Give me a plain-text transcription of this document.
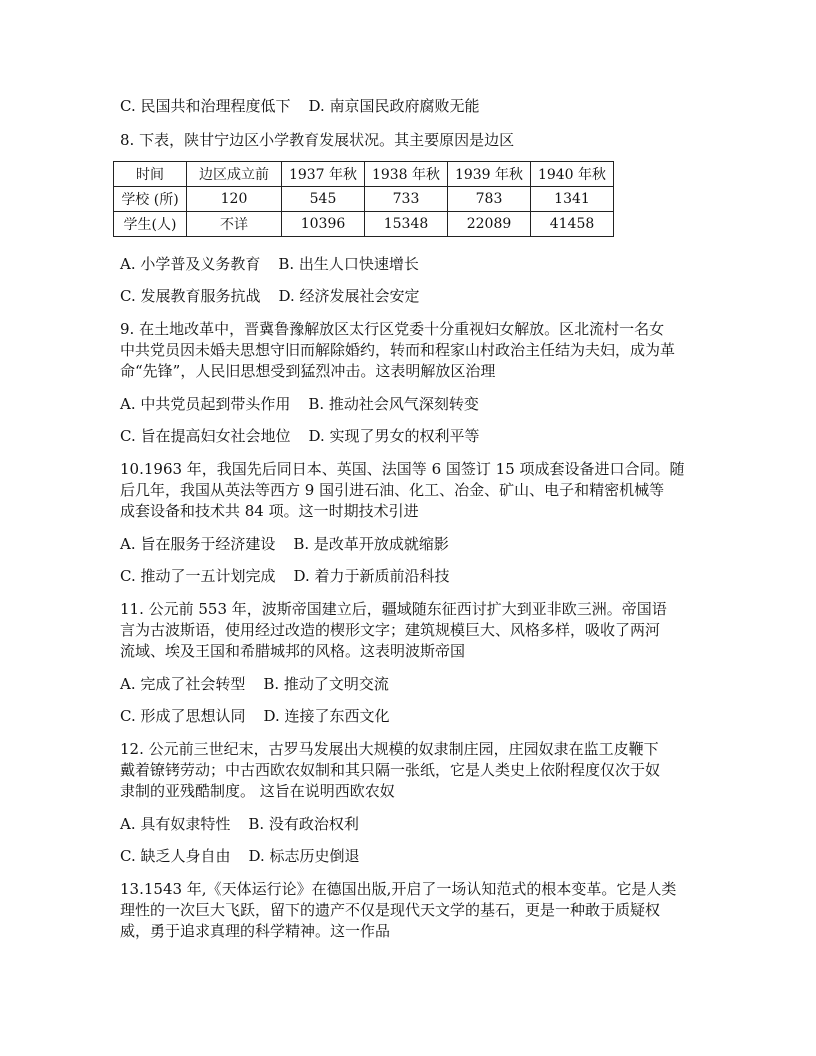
C. 民国共和治理程度低下 D. 南京国民政府腐败无能
8. 下表，陕甘宁边区小学教育发展状况。其主要原因是边区
时间	边区成立前	1937 年秋	1938 年秋	1939 年秋	1940 年秋
学校 (所)	120	545	733	783	1341
学生(人)	不详	10396	15348	22089	41458
A. 小学普及义务教育 B. 出生人口快速增长
C. 发展教育服务抗战 D. 经济发展社会安定
9. 在土地改革中，晋冀鲁豫解放区太行区党委十分重视妇女解放。区北流村一名女
中共党员因未婚夫思想守旧而解除婚约，转而和程家山村政治主任结为夫妇，成为革
命“先锋”，人民旧思想受到猛烈冲击。这表明解放区治理
A. 中共党员起到带头作用 B. 推动社会风气深刻转变
C. 旨在提高妇女社会地位 D. 实现了男女的权利平等
10.1963 年，我国先后同日本、英国、法国等 6 国签订 15 项成套设备进口合同。随
后几年，我国从英法等西方 9 国引进石油、化工、冶金、矿山、电子和精密机械等
成套设备和技术共 84 项。这一时期技术引进
A. 旨在服务于经济建设 B. 是改革开放成就缩影
C. 推动了一五计划完成 D. 着力于新质前沿科技
11. 公元前 553 年，波斯帝国建立后，疆域随东征西讨扩大到亚非欧三洲。帝国语
言为古波斯语，使用经过改造的楔形文字；建筑规模巨大、风格多样，吸收了两河
流域、埃及王国和希腊城邦的风格。这表明波斯帝国
A. 完成了社会转型 B. 推动了文明交流
C. 形成了思想认同 D. 连接了东西文化
12. 公元前三世纪末，古罗马发展出大规模的奴隶制庄园，庄园奴隶在监工皮鞭下
戴着镣铐劳动；中古西欧农奴制和其只隔一张纸，它是人类史上依附程度仅次于奴
隶制的亚残酷制度。 这旨在说明西欧农奴
A. 具有奴隶特性 B. 没有政治权利
C. 缺乏人身自由 D. 标志历史倒退
13.1543 年,《天体运行论》在德国出版,开启了一场认知范式的根本变革。它是人类
理性的一次巨大飞跃，留下的遗产不仅是现代天文学的基石，更是一种敢于质疑权
威，勇于追求真理的科学精神。这一作品
